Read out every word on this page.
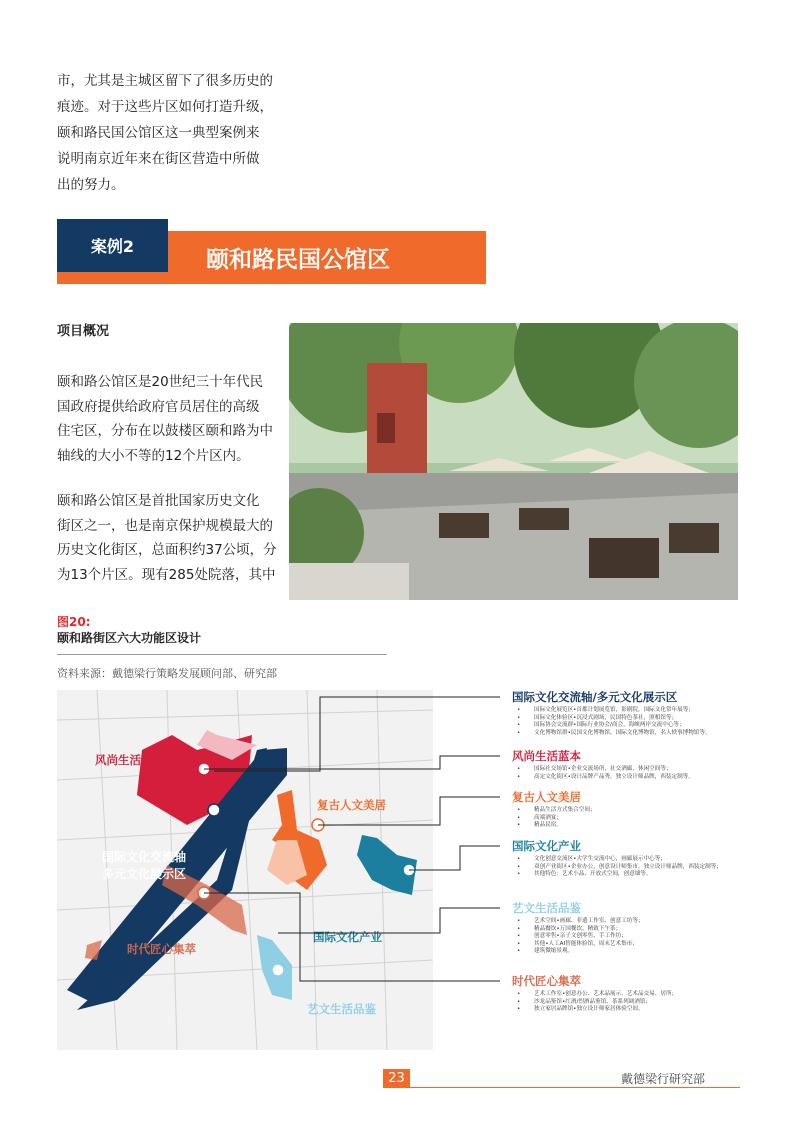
市，尤其是主城区留下了很多历史的
痕迹。对于这些片区如何打造升级，
颐和路民国公馆区这一典型案例来
说明南京近年来在街区营造中所做
出的努力。
颐和路民国公馆区
案例2
项目概况
颐和路公馆区是20世纪三十年代民
国政府提供给政府官员居住的高级
住宅区，分布在以鼓楼区颐和路为中
轴线的大小不等的12个片区内。
颐和路公馆区是首批国家历史文化
街区之一，也是南京保护规模最大的
历史文化街区，总面积约37公顷，分
为13个片区。现有285处院落，其中
图20:
颐和路街区六大功能区设计
资料来源：戴德梁行策略发展顾问部、研究部
风尚生活蓝本
国际文化交流轴
多元文化展示区
复古人文美居
国际文化产业
时代匠心集萃
艺文生活品鉴
国际文化交流轴/多元文化展示区
• 国际文化展览区•首都计划展览馆，影剧院，国际文化常年展等；
• 国际文化体验区•沉浸式剧场，民国特色茶社，照相馆等；
• 国际协会交流群•国际行业协会/商会，海峡两岸交流中心等；
• 文化博物馆群•民国文化博物馆，国际文化博物馆，名人轶事博物馆等。
风尚生活蓝本
• 国际社交场馆•企业交流场所，社交酒廊，休闲空间等；
• 高定文化街区•设计品牌产品秀，独立设计师品牌，西装定制等。
复古人文美居
• 精品生活方式集合空间；
• 高端酒宴；
• 精品民宿。
国际文化产业
• 文化创意交流区•大学生交流中心，画廊展示中心等；
• 双创产业街区•企业办公，创意设计师集市，独立设计师品牌，西装定制等；
• 其他特色：艺术小品、开放式空间，创意墙等。
艺文生活品鉴
• 艺术空间•画廊、非遗工作室、创意工坊等；
• 精品餐饮•万国餐饮、精致下午茶；
• 创意零售•亲子文创零售、手工作坊；
• 其他•人工AI智能体验馆，周末艺术集市；
• 建筑微缩景观。
时代匠心集萃
• 艺术工作室•创意办公、艺术品展示、艺术品交易、居所；
• 沙龙品鉴馆•红酒/烈酒品鉴馆、茶系列调酒馆；
• 独立家居品牌馆•独立设计师家居体验空间。
23	戴德梁行研究部
